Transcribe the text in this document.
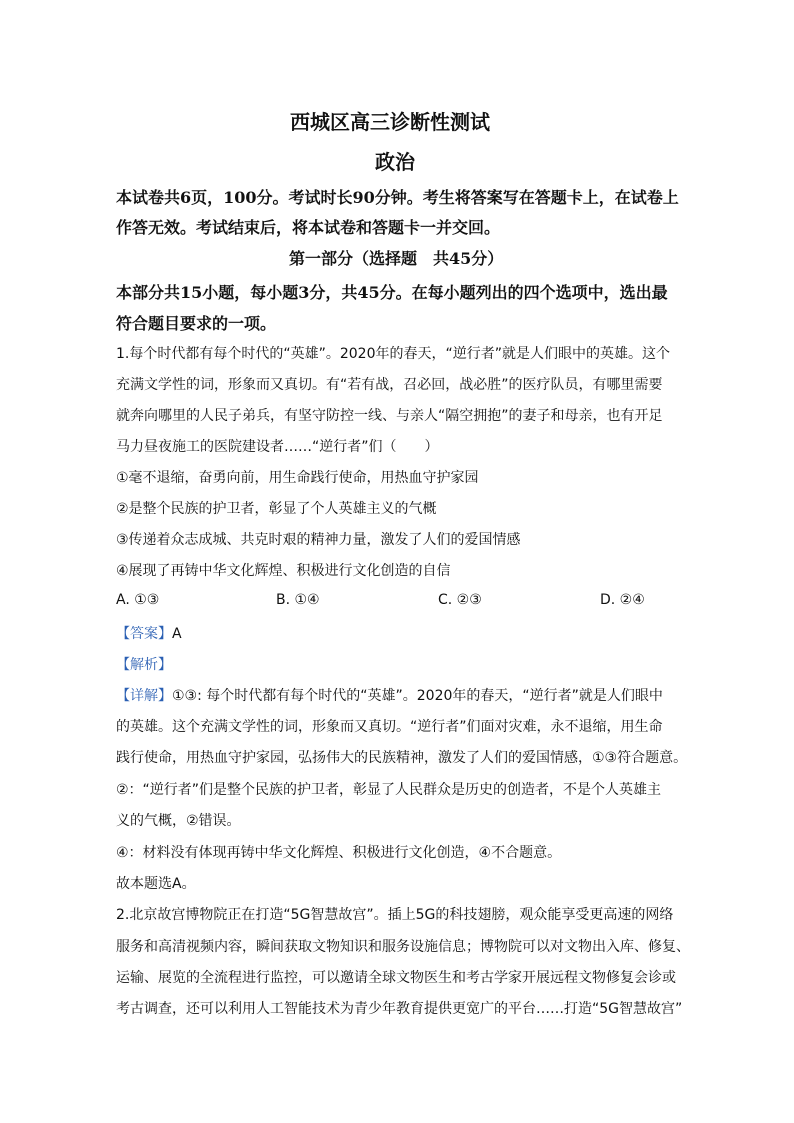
西城区高三诊断性测试
政治
本试卷共6页，100分。考试时长90分钟。考生将答案写在答题卡上，在试卷上
作答无效。考试结束后，将本试卷和答题卡一并交回。
第一部分（选择题　共45分）
本部分共15小题，每小题3分，共45分。在每小题列出的四个选项中，选出最
符合题目要求的一项。
1.每个时代都有每个时代的“英雄”。2020年的春天，“逆行者”就是人们眼中的英雄。这个
充满文学性的词，形象而又真切。有“若有战，召必回，战必胜”的医疗队员，有哪里需要
就奔向哪里的人民子弟兵，有坚守防控一线、与亲人“隔空拥抱”的妻子和母亲，也有开足
马力昼夜施工的医院建设者……“逆行者”们（　　）
①毫不退缩，奋勇向前，用生命践行使命，用热血守护家园
②是整个民族的护卫者，彰显了个人英雄主义的气概
③传递着众志成城、共克时艰的精神力量，激发了人们的爱国情感
④展现了再铸中华文化辉煌、积极进行文化创造的自信
A. ①③	B. ①④	C. ②③	D. ②④
【答案】A
【解析】
【详解】①③: 每个时代都有每个时代的“英雄”。2020年的春天，“逆行者”就是人们眼中
的英雄。这个充满文学性的词，形象而又真切。“逆行者”们面对灾难，永不退缩，用生命
践行使命，用热血守护家园，弘扬伟大的民族精神，激发了人们的爱国情感，①③符合题意。
②：“逆行者”们是整个民族的护卫者，彰显了人民群众是历史的创造者，不是个人英雄主
义的气概，②错误。
④：材料没有体现再铸中华文化辉煌、积极进行文化创造，④不合题意。
故本题选A。
2.北京故宫博物院正在打造“5G智慧故宫”。插上5G的科技翅膀，观众能享受更高速的网络
服务和高清视频内容，瞬间获取文物知识和服务设施信息；博物院可以对文物出入库、修复、
运输、展览的全流程进行监控，可以邀请全球文物医生和考古学家开展远程文物修复会诊或
考古调查，还可以利用人工智能技术为青少年教育提供更宽广的平台……打造“5G智慧故宫”
